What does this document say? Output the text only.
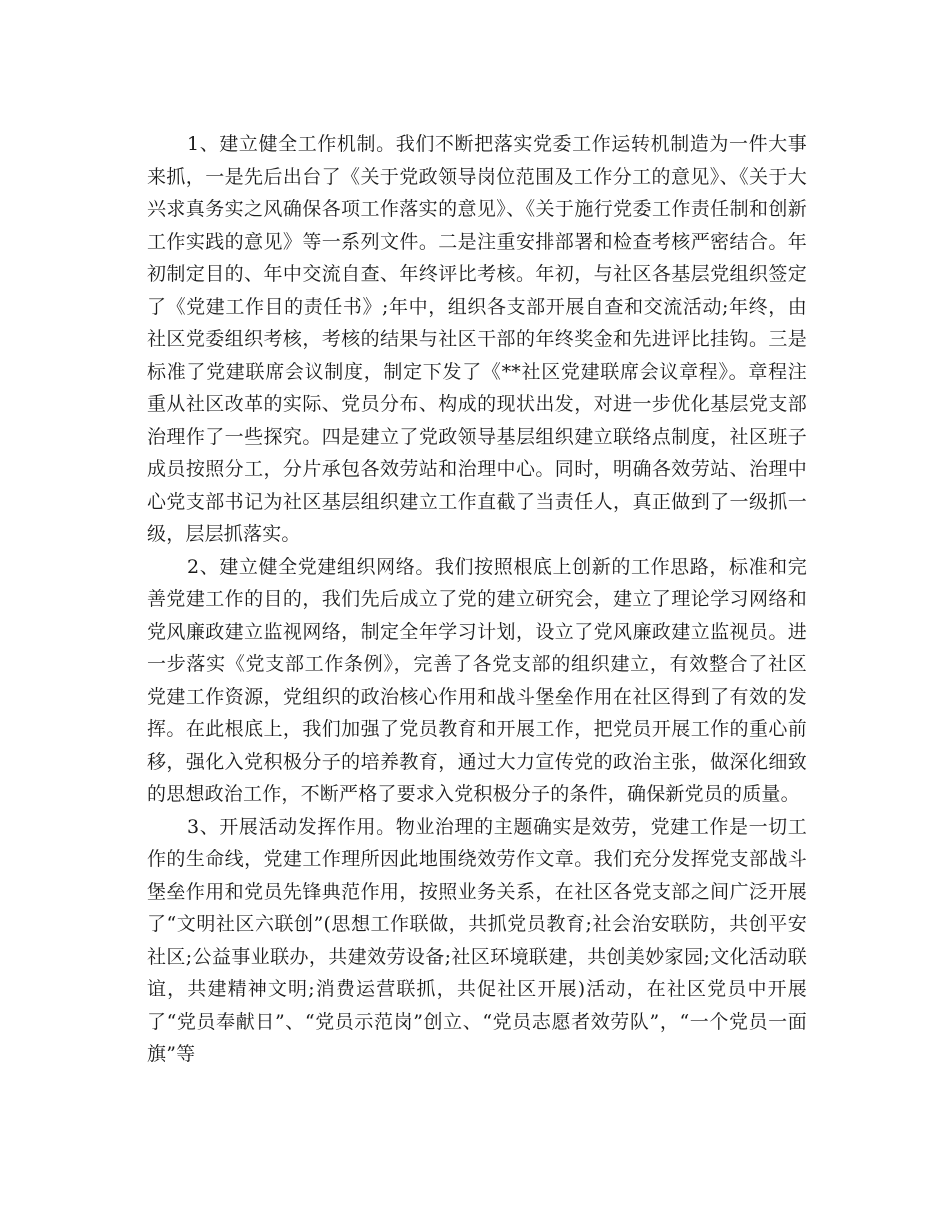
1、建立健全工作机制。我们不断把落实党委工作运转机制造为一件大事来抓，一是先后出台了《关于党政领导岗位范围及工作分工的意见》、《关于大兴求真务实之风确保各项工作落实的意见》、《关于施行党委工作责任制和创新工作实践的意见》等一系列文件。二是注重安排部署和检查考核严密结合。年初制定目的、年中交流自查、年终评比考核。年初，与社区各基层党组织签定了《党建工作目的责任书》;年中，组织各支部开展自查和交流活动;年终，由社区党委组织考核，考核的结果与社区干部的年终奖金和先进评比挂钩。三是标准了党建联席会议制度，制定下发了《**社区党建联席会议章程》。章程注重从社区改革的实际、党员分布、构成的现状出发，对进一步优化基层党支部治理作了一些探究。四是建立了党政领导基层组织建立联络点制度，社区班子成员按照分工，分片承包各效劳站和治理中心。同时，明确各效劳站、治理中心党支部书记为社区基层组织建立工作直截了当责任人，真正做到了一级抓一级，层层抓落实。

2、建立健全党建组织网络。我们按照根底上创新的工作思路，标准和完善党建工作的目的，我们先后成立了党的建立研究会，建立了理论学习网络和党风廉政建立监视网络，制定全年学习计划，设立了党风廉政建立监视员。进一步落实《党支部工作条例》，完善了各党支部的组织建立，有效整合了社区党建工作资源，党组织的政治核心作用和战斗堡垒作用在社区得到了有效的发挥。在此根底上，我们加强了党员教育和开展工作，把党员开展工作的重心前移，强化入党积极分子的培养教育，通过大力宣传党的政治主张，做深化细致的思想政治工作，不断严格了要求入党积极分子的条件，确保新党员的质量。

3、开展活动发挥作用。物业治理的主题确实是效劳，党建工作是一切工作的生命线，党建工作理所因此地围绕效劳作文章。我们充分发挥党支部战斗堡垒作用和党员先锋典范作用，按照业务关系，在社区各党支部之间广泛开展了“文明社区六联创”(思想工作联做，共抓党员教育;社会治安联防，共创平安社区;公益事业联办，共建效劳设备;社区环境联建，共创美妙家园;文化活动联谊，共建精神文明;消费运营联抓，共促社区开展)活动，在社区党员中开展了“党员奉献日”、“党员示范岗”创立、“党员志愿者效劳队”，“一个党员一面旗”等
